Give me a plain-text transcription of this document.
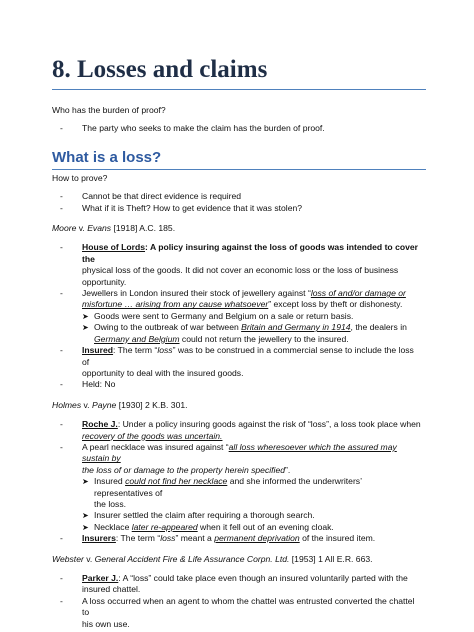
8. Losses and claims

Who has the burden of proof?

- The party who seeks to make the claim has the burden of proof.
What is a loss?

How to prove?

- Cannot be that direct evidence is required
- What if it is Theft? How to get evidence that it was stolen?
Moore v. Evans [1918] A.C. 185.
- House of Lords: A policy insuring against the loss of goods was intended to cover the
physical loss of the goods. It did not cover an economic loss or the loss of business
opportunity.
- Jewellers in London insured their stock of jewellery against “loss of and/or damage or
misfortune … arising from any cause whatsoever” except loss by theft or dishonesty.
➤ Goods were sent to Germany and Belgium on a sale or return basis.
➤ Owing to the outbreak of war between Britain and Germany in 1914, the dealers in
Germany and Belgium could not return the jewellery to the insured.
- Insured: The term “loss” was to be construed in a commercial sense to include the loss of
opportunity to deal with the insured goods.
- Held: No
Holmes v. Payne [1930] 2 K.B. 301.
- Roche J.: Under a policy insuring goods against the risk of “loss”, a loss took place when
recovery of the goods was uncertain.
- A pearl necklace was insured against “all loss wheresoever which the assured may sustain by
the loss of or damage to the property herein specified”.
➤ Insured could not find her necklace and she informed the underwriters’ representatives of
the loss.
➤ Insurer settled the claim after requiring a thorough search.
➤ Necklace later re-appeared when it fell out of an evening cloak.
- Insurers: The term “loss” meant a permanent deprivation of the insured item.
Webster v. General Accident Fire & Life Assurance Corpn. Ltd. [1953] 1 All E.R. 663.
- Parker J.: A “loss” could take place even though an insured voluntarily parted with the
insured chattel.
- A loss occurred when an agent to whom the chattel was entrusted converted the chattel to
his own use.
